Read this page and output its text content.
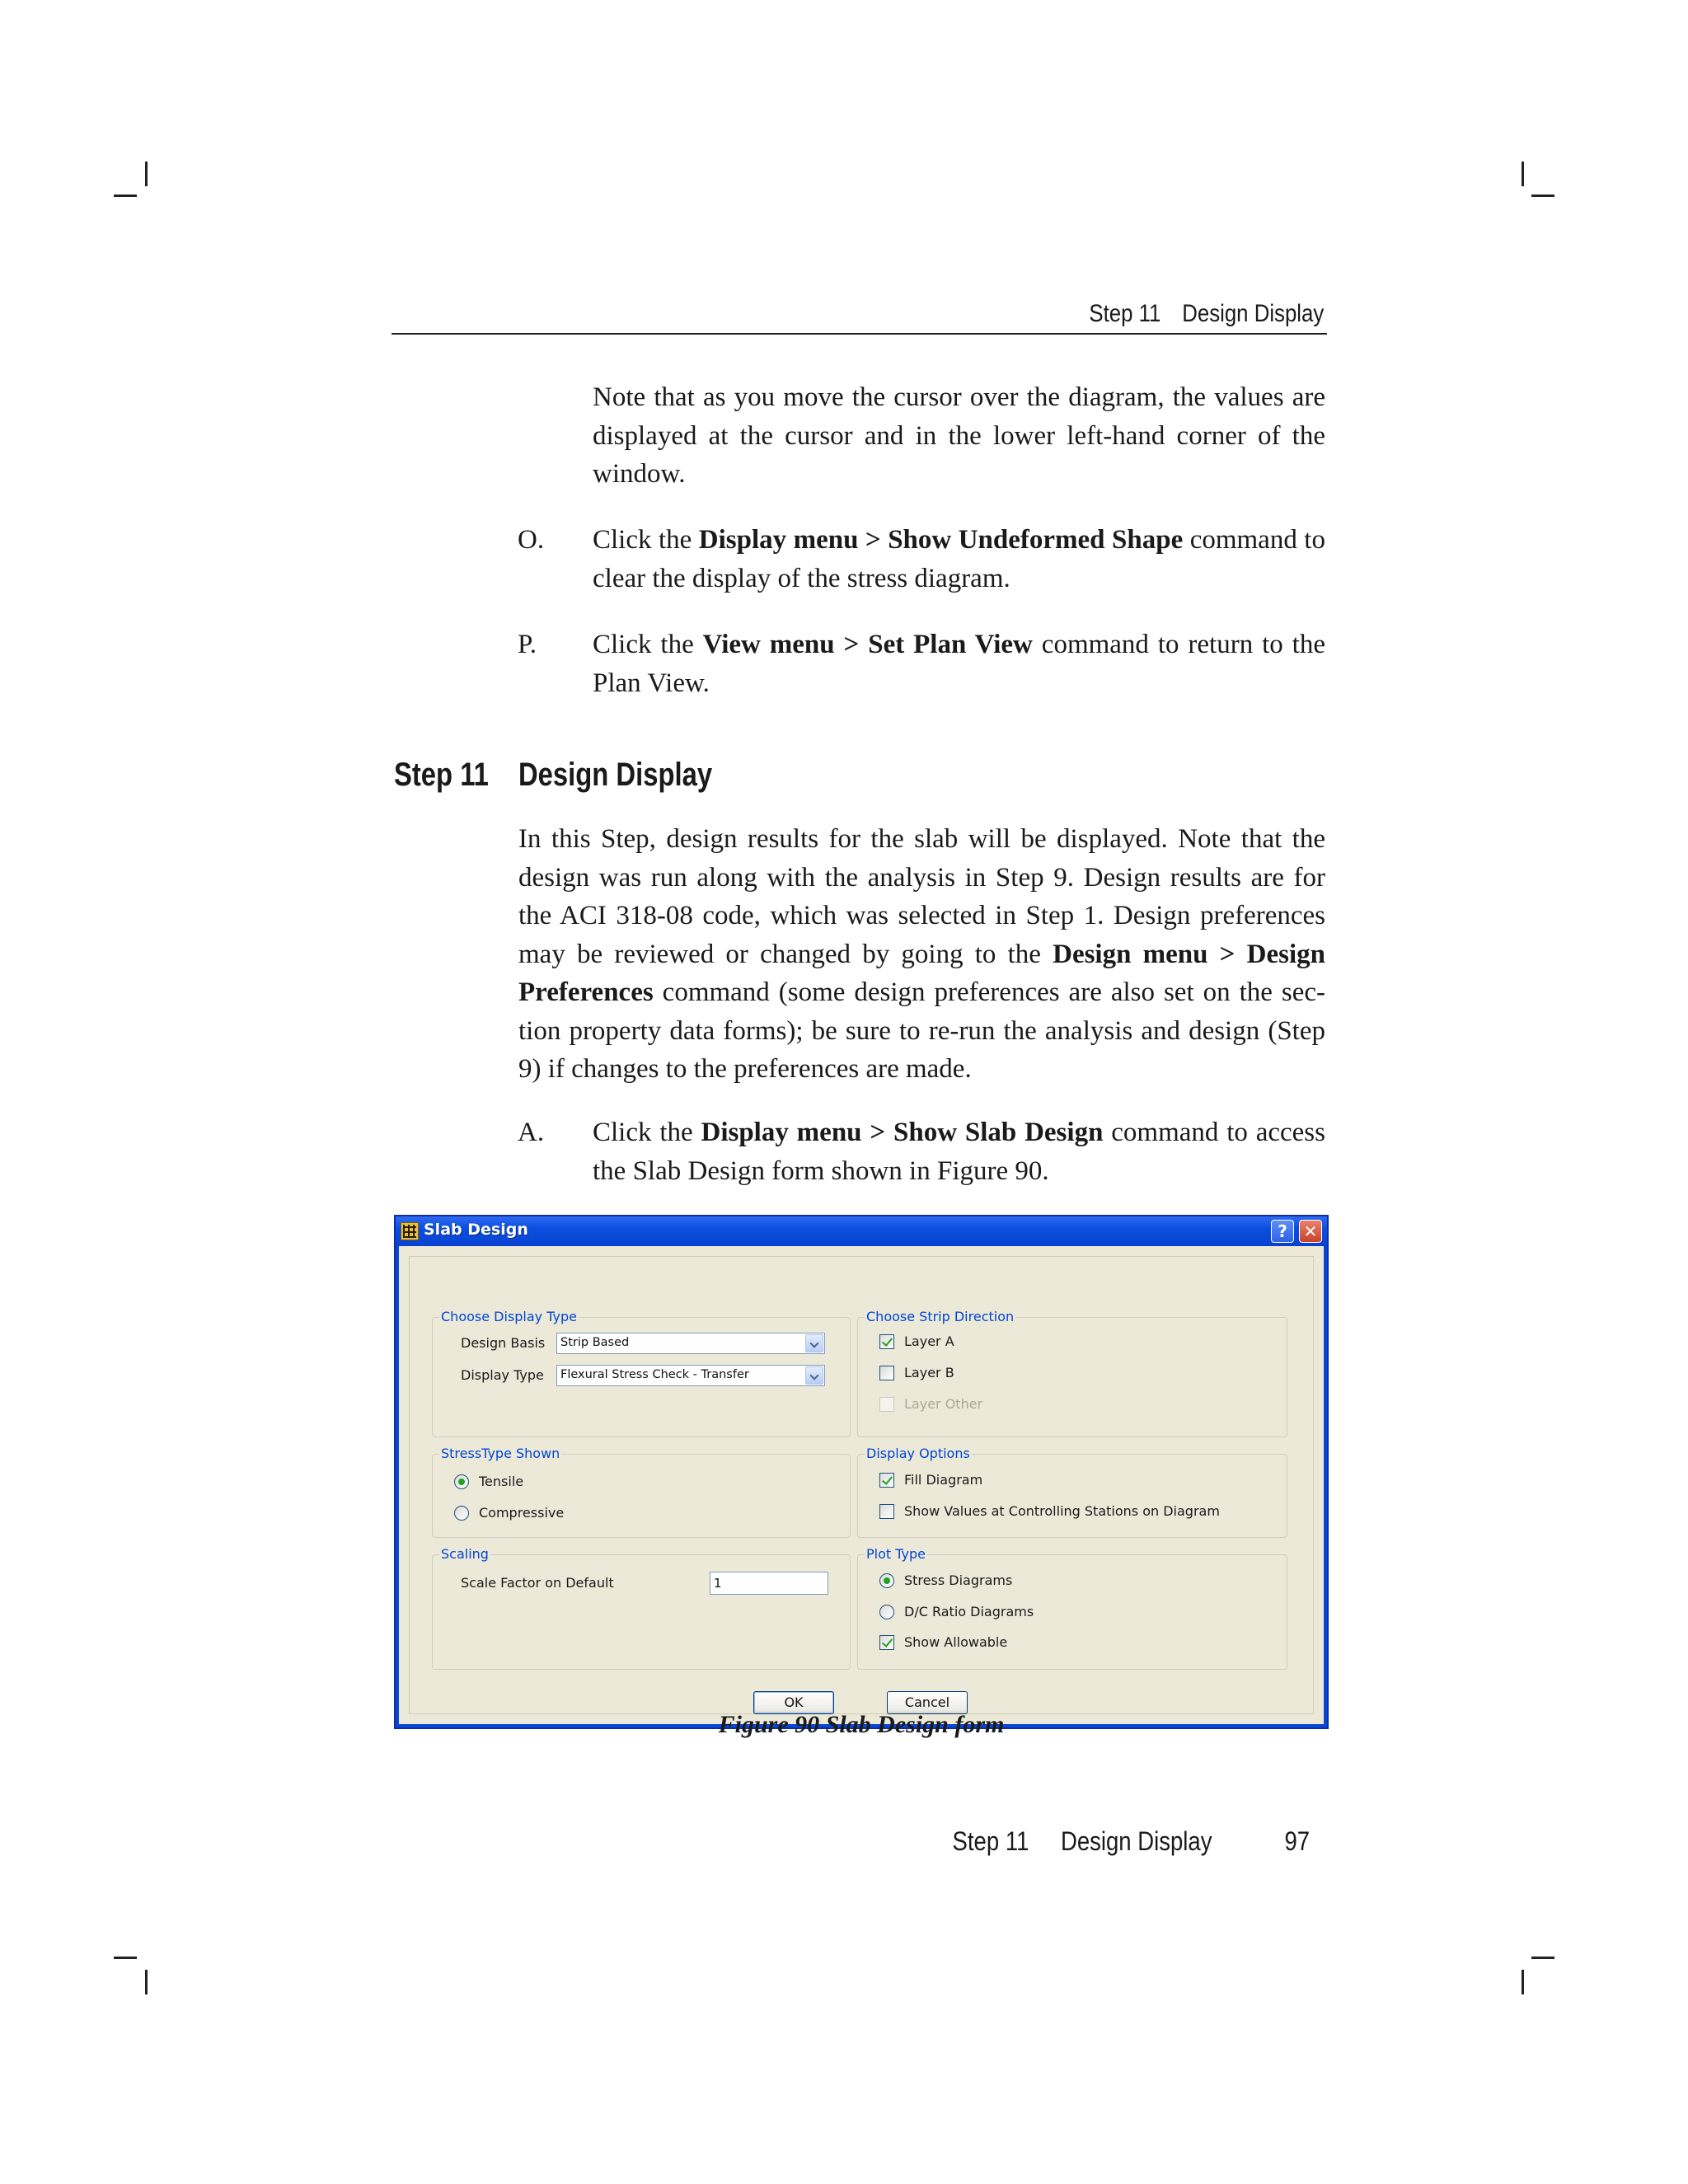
Step 11 Design Display

Note that as you move the cursor over the diagram, the values are displayed at the cursor and in the lower left-hand corner of the window.

O. Click the Display menu > Show Undeformed Shape command to clear the display of the stress diagram.

P. Click the View menu > Set Plan View command to return to the Plan View.

Step 11 Design Display

In this Step, design results for the slab will be displayed. Note that the design was run along with the analysis in Step 9. Design results are for the ACI 318-08 code, which was selected in Step 1. Design preferences may be reviewed or changed by going to the Design menu > Design Preferences command (some design preferences are also set on the sec-tion property data forms); be sure to re-run the analysis and design (Step 9) if changes to the preferences are made.

A. Click the Display menu > Show Slab Design command to access the Slab Design form shown in Figure 90.

Slab Design	? ✕
Choose Display Type
Design Basis Strip Based
Display Type Flexural Stress Check - Transfer
Choose Strip Direction
Layer A
Layer B
Layer Other
StressType Shown
Tensile
Compressive
Display Options
Fill Diagram
Show Values at Controlling Stations on Diagram
Scaling
Scale Factor on Default	1
Plot Type
Stress Diagrams
D/C Ratio Diagrams
Show Allowable
OK	Cancel
Figure 90 Slab Design form
Step 11 Design Display	97
